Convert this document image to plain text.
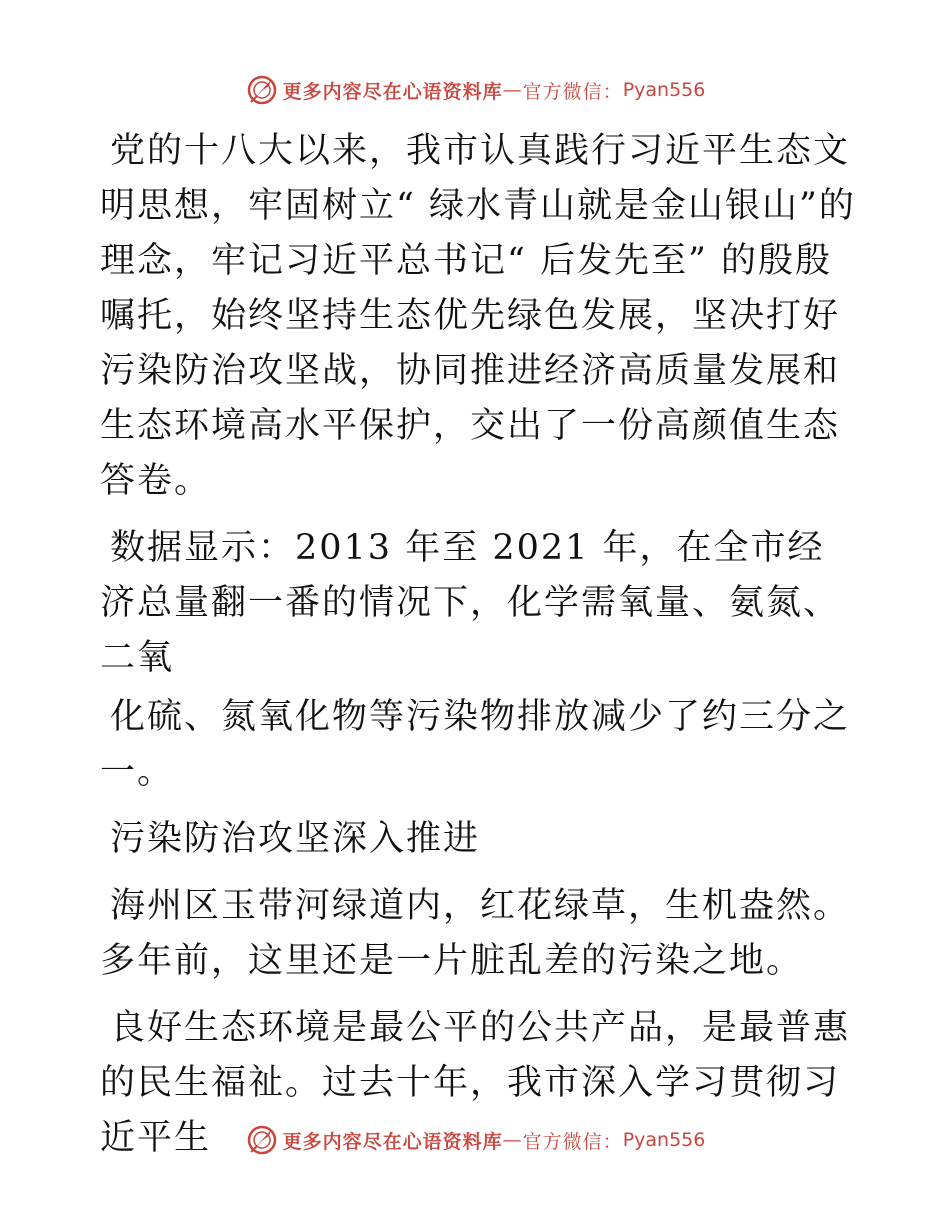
更多内容尽在心语资料库 — 官方微信： Pyan556

党的十八大以来，我市认真践行习近平生态文明思想，牢固树立“ 绿水青山就是金山银山”的理念，牢记习近平总书记“ 后发先至” 的殷殷嘱托，始终坚持生态优先绿色发展，坚决打好污染防治攻坚战，协同推进经济高质量发展和生态环境高水平保护，交出了一份高颜值生态答卷。

数据显示：2013 年至 2021 年，在全市经济总量翻一番的情况下，化学需氧量、氨氮、二氧

化硫、氮氧化物等污染物排放减少了约三分之一。

污染防治攻坚深入推进

海州区玉带河绿道内，红花绿草，生机盎然。多年前，这里还是一片脏乱差的污染之地。

良好生态环境是最公平的公共产品，是最普惠的民生福祉。过去十年，我市深入学习贯彻习近平生	更多内容尽在心语资料库 — 官方微信： Pyan556
